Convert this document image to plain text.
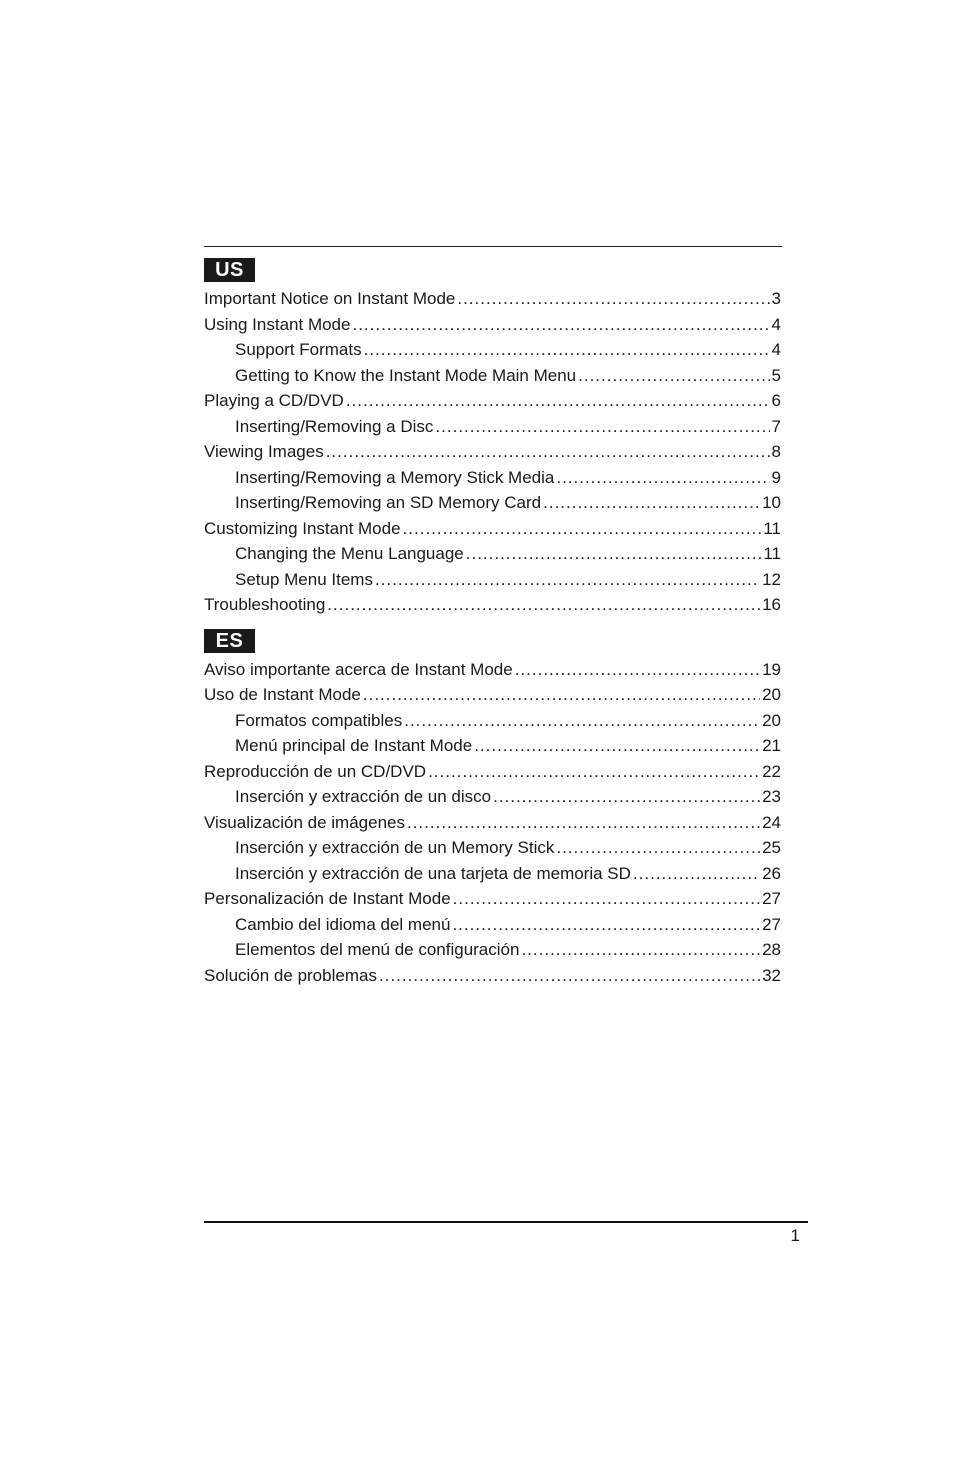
US
Important Notice on Instant Mode .....	3
Using Instant Mode .....	4
Support Formats .....	4
Getting to Know the Instant Mode Main Menu .....	5
Playing a CD/DVD .....	6
Inserting/Removing a Disc .....	7
Viewing Images .....	8
Inserting/Removing a Memory Stick Media .....	9
Inserting/Removing an SD Memory Card .....	10
Customizing Instant Mode .....	11
Changing the Menu Language .....	11
Setup Menu Items .....	12
Troubleshooting .....	16
ES
Aviso importante acerca de Instant Mode .....	19
Uso de Instant Mode .....	20
Formatos compatibles .....	20
Menú principal de Instant Mode .....	21
Reproducción de un CD/DVD .....	22
Inserción y extracción de un disco .....	23
Visualización de imágenes .....	24
Inserción y extracción de un Memory Stick .....	25
Inserción y extracción de una tarjeta de memoria SD .....	26
Personalización de Instant Mode .....	27
Cambio del idioma del menú .....	27
Elementos del menú de configuración .....	28
Solución de problemas .....	32
1
